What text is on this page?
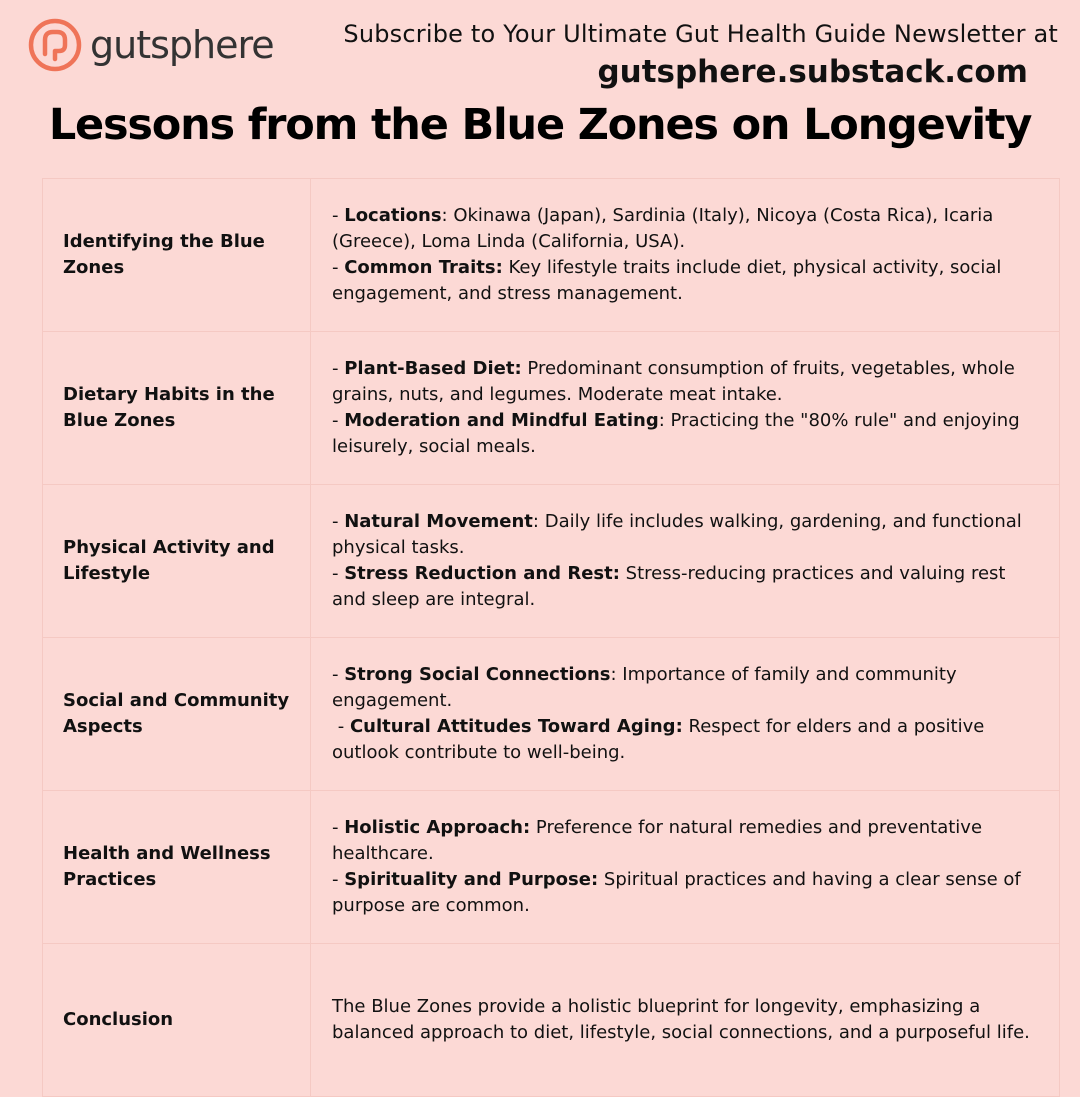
gutsphere	Subscribe to Your Ultimate Gut Health Guide Newsletter at
gutsphere.substack.com
Lessons from the Blue Zones on Longevity
Identifying the Blue Zones	- Locations: Okinawa (Japan), Sardinia (Italy), Nicoya (Costa Rica), Icaria (Greece), Loma Linda (California, USA).
- Common Traits: Key lifestyle traits include diet, physical activity, social engagement, and stress management.

Dietary Habits in the Blue Zones	- Plant-Based Diet: Predominant consumption of fruits, vegetables, whole grains, nuts, and legumes. Moderate meat intake.
- Moderation and Mindful Eating: Practicing the "80% rule" and enjoying leisurely, social meals.

Physical Activity and Lifestyle	- Natural Movement: Daily life includes walking, gardening, and functional physical tasks.
- Stress Reduction and Rest: Stress-reducing practices and valuing rest and sleep are integral.

Social and Community Aspects	- Strong Social Connections: Importance of family and community engagement.
- Cultural Attitudes Toward Aging: Respect for elders and a positive outlook contribute to well-being.

Health and Wellness Practices	- Holistic Approach: Preference for natural remedies and preventative healthcare.
- Spirituality and Purpose: Spiritual practices and having a clear sense of purpose are common.

Conclusion	The Blue Zones provide a holistic blueprint for longevity, emphasizing a balanced approach to diet, lifestyle, social connections, and a purposeful life.
